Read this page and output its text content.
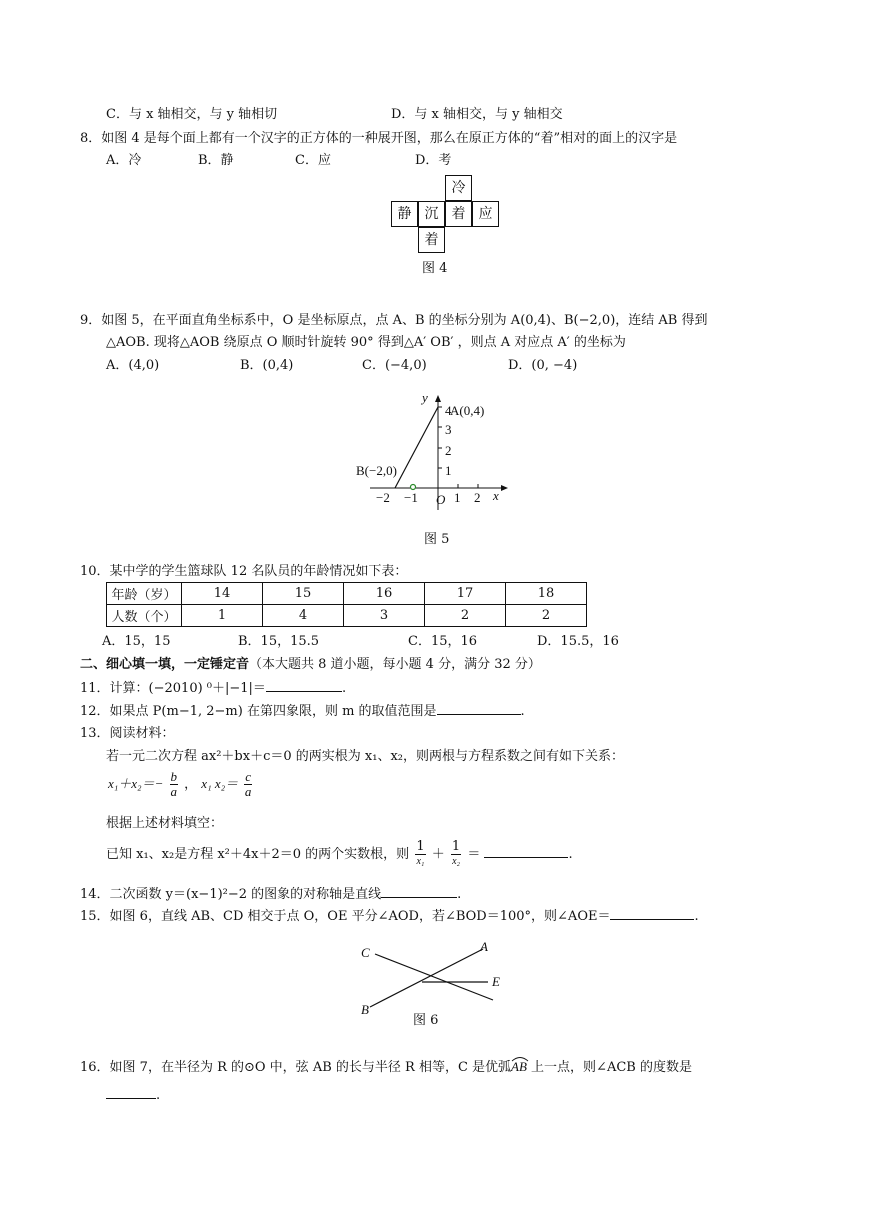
C．与 x 轴相交，与 y 轴相切	D．与 x 轴相交，与 y 轴相交
8．如图 4 是每个面上都有一个汉字的正方体的一种展开图，那么在原正方体的“着”相对的面上的汉字是
A．冷	B．静	C．应	D．考
冷
静 沉 着 应
着
图 4
9．如图 5，在平面直角坐标系中，O 是坐标原点，点 A、B 的坐标分别为 A(0,4)、B(−2,0)，连结 AB 得到
△AOB. 现将△AOB 绕原点 O 顺时针旋转 90° 得到△A′ OB′ ，则点 A 对应点 A′ 的坐标为
A．(4,0)	B．(0,4)	C．(−4,0)	D．(0, −4)
y
x
O
A(0,4)
B(−2,0)
4
3
2
1
−2 −1	1 2
图 5
10．某中学的学生篮球队 12 名队员的年龄情况如下表：
年龄（岁）	14	15	16	17	18
人数（个）	1	4	3	2	2
A．15，15	B．15，15.5	C．15，16	D．15.5，16
二、细心填一填，一定锤定音（本大题共 8 道小题，每小题 4 分，满分 32 分）
11．计算：(−2010) ⁰＋|−1|＝	.
12．如果点 P(m−1, 2−m) 在第四象限，则 m 的取值范围是	.
13．阅读材料：
若一元二次方程 ax²＋bx＋c＝0 的两实根为 x₁、x₂，则两根与方程系数之间有如下关系：
$x_1+x_2=- \frac{b}{a}$ ， x₁ $x_2= \frac{c}{a}$
根据上述材料填空：
已知 x₁、x₂是方程 x²＋4x＋2＝0 的两个实数根，则 $\frac{1}{\text{x₁}} + \frac{1}{\text{x₂}}$ ＝	.
14．二次函数 y＝(x−1)²−2 的图象的对称轴是直线	.
15．如图 6，直线 AB、CD 相交于点 O，OE 平分∠AOD，若∠BOD＝100°，则∠AOE＝	.
C	A
E
B
图 6
16．如图 7，在半径为 R 的⊙O 中，弦 AB 的长与半径 R 相等，C 是优弧
AB 上一点，则∠ACB 的度数是
.
